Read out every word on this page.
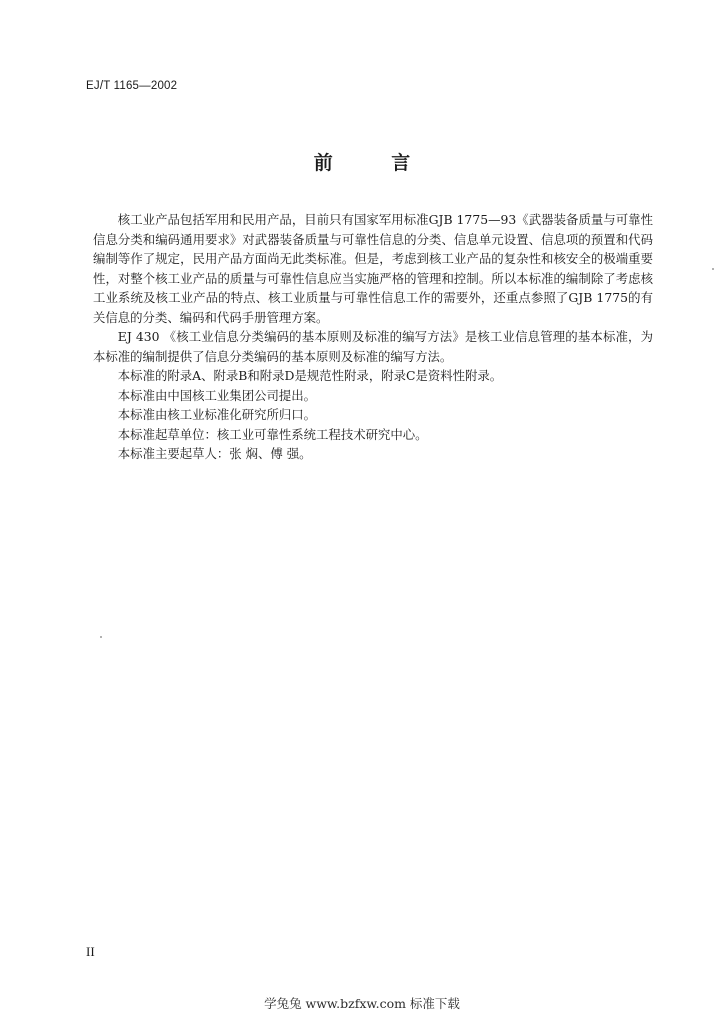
EJ/T 1165—2002
前 言

核工业产品包括军用和民用产品，目前只有国家军用标准GJB 1775—93《武器装备质量与可靠性信息分类和编码通用要求》对武器装备质量与可靠性信息的分类、信息单元设置、信息项的预置和代码编制等作了规定，民用产品方面尚无此类标准。但是，考虑到核工业产品的复杂性和核安全的极端重要性，对整个核工业产品的质量与可靠性信息应当实施严格的管理和控制。所以本标准的编制除了考虑核工业系统及核工业产品的特点、核工业质量与可靠性信息工作的需要外，还重点参照了GJB 1775的有关信息的分类、编码和代码手册管理方案。

EJ 430 《核工业信息分类编码的基本原则及标准的编写方法》是核工业信息管理的基本标准，为本标准的编制提供了信息分类编码的基本原则及标准的编写方法。

本标准的附录A、附录B和附录D是规范性附录，附录C是资料性附录。

本标准由中国核工业集团公司提出。

本标准由核工业标准化研究所归口。

本标准起草单位：核工业可靠性系统工程技术研究中心。

本标准主要起草人：张 焖、傅 强。

II
学兔兔 www.bzfxw.com 标准下载
